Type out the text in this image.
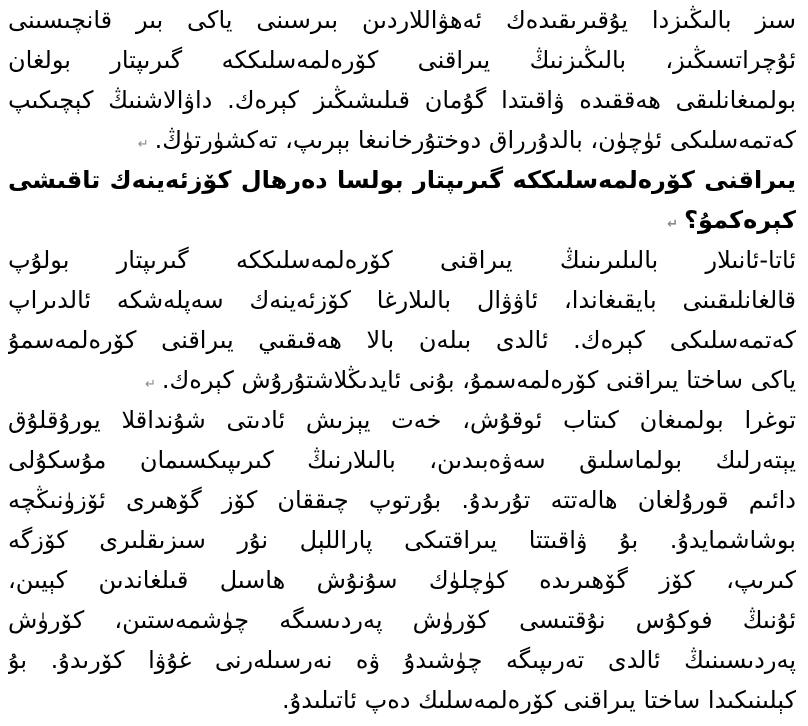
سىز بالىڭىزدا يۇقىرىقىدەك ئەھۋاللاردىن بىرسىنى ياكى بىر قانچىسىنى
ئۇچراتسىڭىز، بالىڭىزنىڭ يىراقنى كۆرەلمەسلىككە گىرىپتار بولغان
بولمىغانلىقى ھەققىدە ۋاقىتدا گۇمان قىلىشىڭىز كېرەك. داۋالاشنىڭ كېچىكىپ
كەتمەسلىكى ئۈچۈن، بالدۇرراق دوختۇرخانىغا بېرىپ، تەكشۈرتۈڭ.↵
يىراقنى كۆرەلمەسلىككە گىرىپتار بولسا دەرھال كۆزئەينەك تاقىشى
كېرەكمۇ؟↵
ئاتا-ئانىلار بالىلىرىنىڭ يىراقنى كۆرەلمەسلىككە گىرىپتار بولۇپ
قالغانلىقىنى بايقىغاندا، ئاۋۋال بالىلارغا كۆزئەينەك سەپلەشكە ئالدىراپ
كەتمەسلىكى كېرەك. ئالدى بىلەن بالا ھەقىقىي يىراقنى كۆرەلمەسمۇ
ياكى ساختا يىراقنى كۆرەلمەسمۇ، بۇنى ئايدىڭلاشتۇرۇش كېرەك.↵
توغرا بولمىغان كىتاب ئوقۇش، خەت يېزىش ئادىتى شۇنداقلا يورۇقلۇق
يېتەرلىك بولماسلىق سەۋەبىدىن، بالىلارنىڭ كىرىپىكسىمان مۇسكۇلى
دائىم قورۇلغان ھالەتتە تۇرىدۇ. بۇرتوپ چىققان كۆز گۆھىرى ئۆزۈنىڭچە
بوشاشمايدۇ. بۇ ۋاقىتتا يىراقتىكى پاراللېل نۇر سىزىقلىرى كۆزگە
كىرىپ، كۆز گۆھىرىدە كۈچلۈك سۇنۇش ھاسىل قىلغاندىن كېيىن،
ئۇنىڭ فوكۇس نۇقتىسى كۆرۈش پەردىسىگە چۈشمەستىن، كۆرۈش
پەردىسىنىڭ ئالدى تەرىپىگە چۈشىدۇ ۋە نەرسىلەرنى غۇۋا كۆرىدۇ. بۇ
كېلىنىكىدا ساختا يىراقنى كۆرەلمەسلىك دەپ ئاتىلىدۇ.
